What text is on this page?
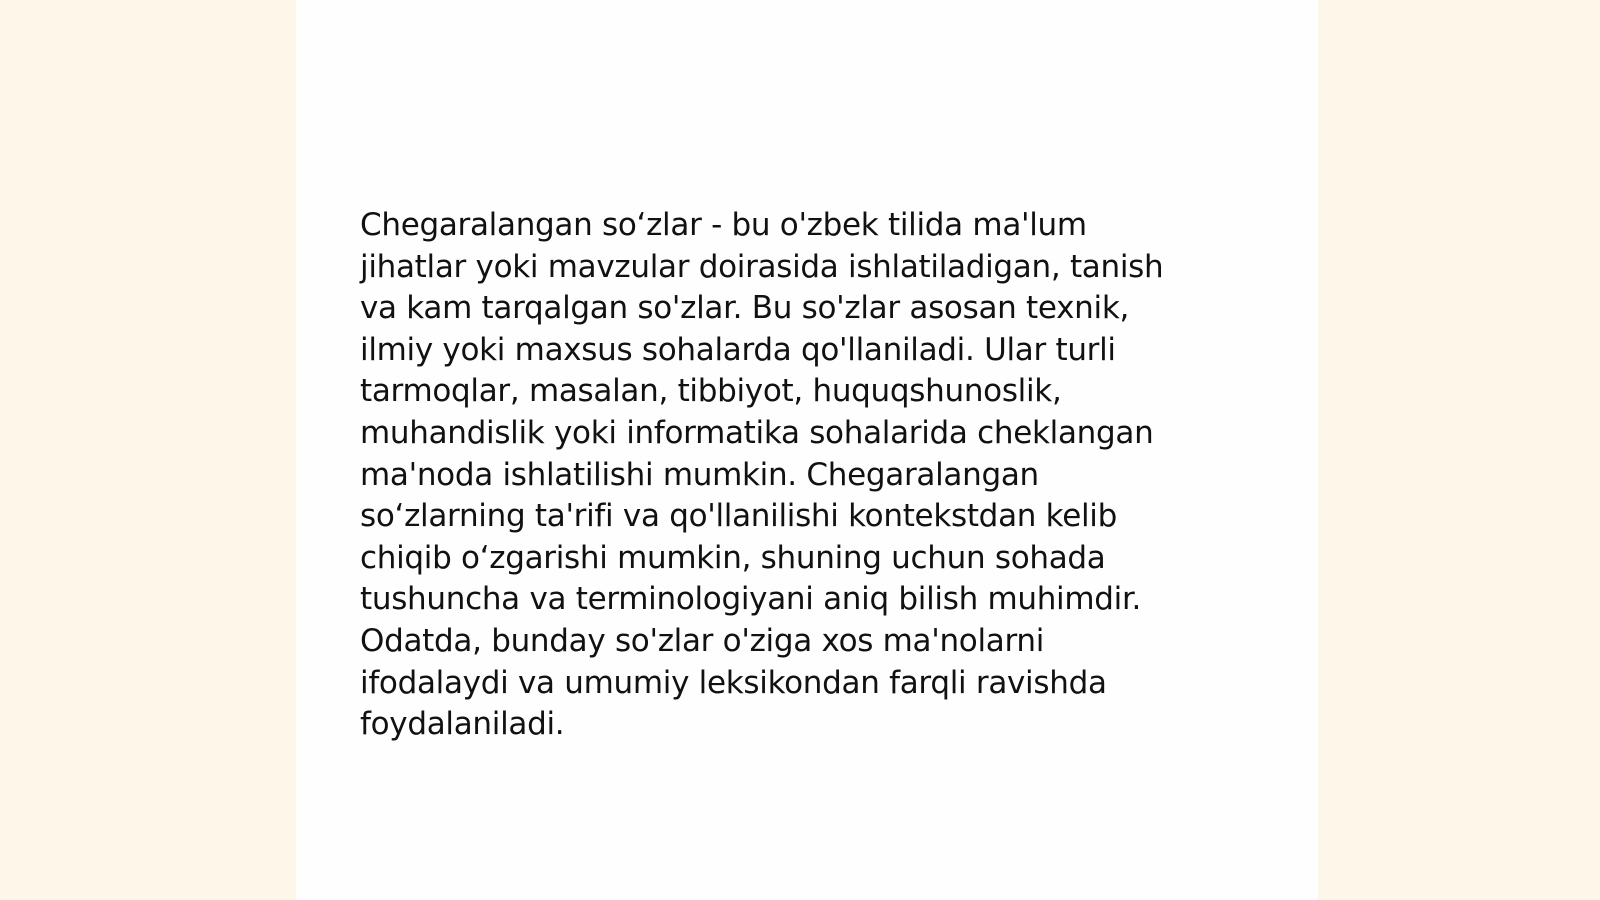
Chegaralangan so‘zlar - bu o'zbek tilida ma'lum
jihatlar yoki mavzular doirasida ishlatiladigan, tanish
va kam tarqalgan so'zlar. Bu so'zlar asosan texnik,
ilmiy yoki maxsus sohalarda qo'llaniladi. Ular turli
tarmoqlar, masalan, tibbiyot, huquqshunoslik,
muhandislik yoki informatika sohalarida cheklangan
ma'noda ishlatilishi mumkin. Chegaralangan
so‘zlarning ta'rifi va qo'llanilishi kontekstdan kelib
chiqib o‘zgarishi mumkin, shuning uchun sohada
tushuncha va terminologiyani aniq bilish muhimdir.
Odatda, bunday so'zlar o'ziga xos ma'nolarni
ifodalaydi va umumiy leksikondan farqli ravishda
foydalaniladi.
